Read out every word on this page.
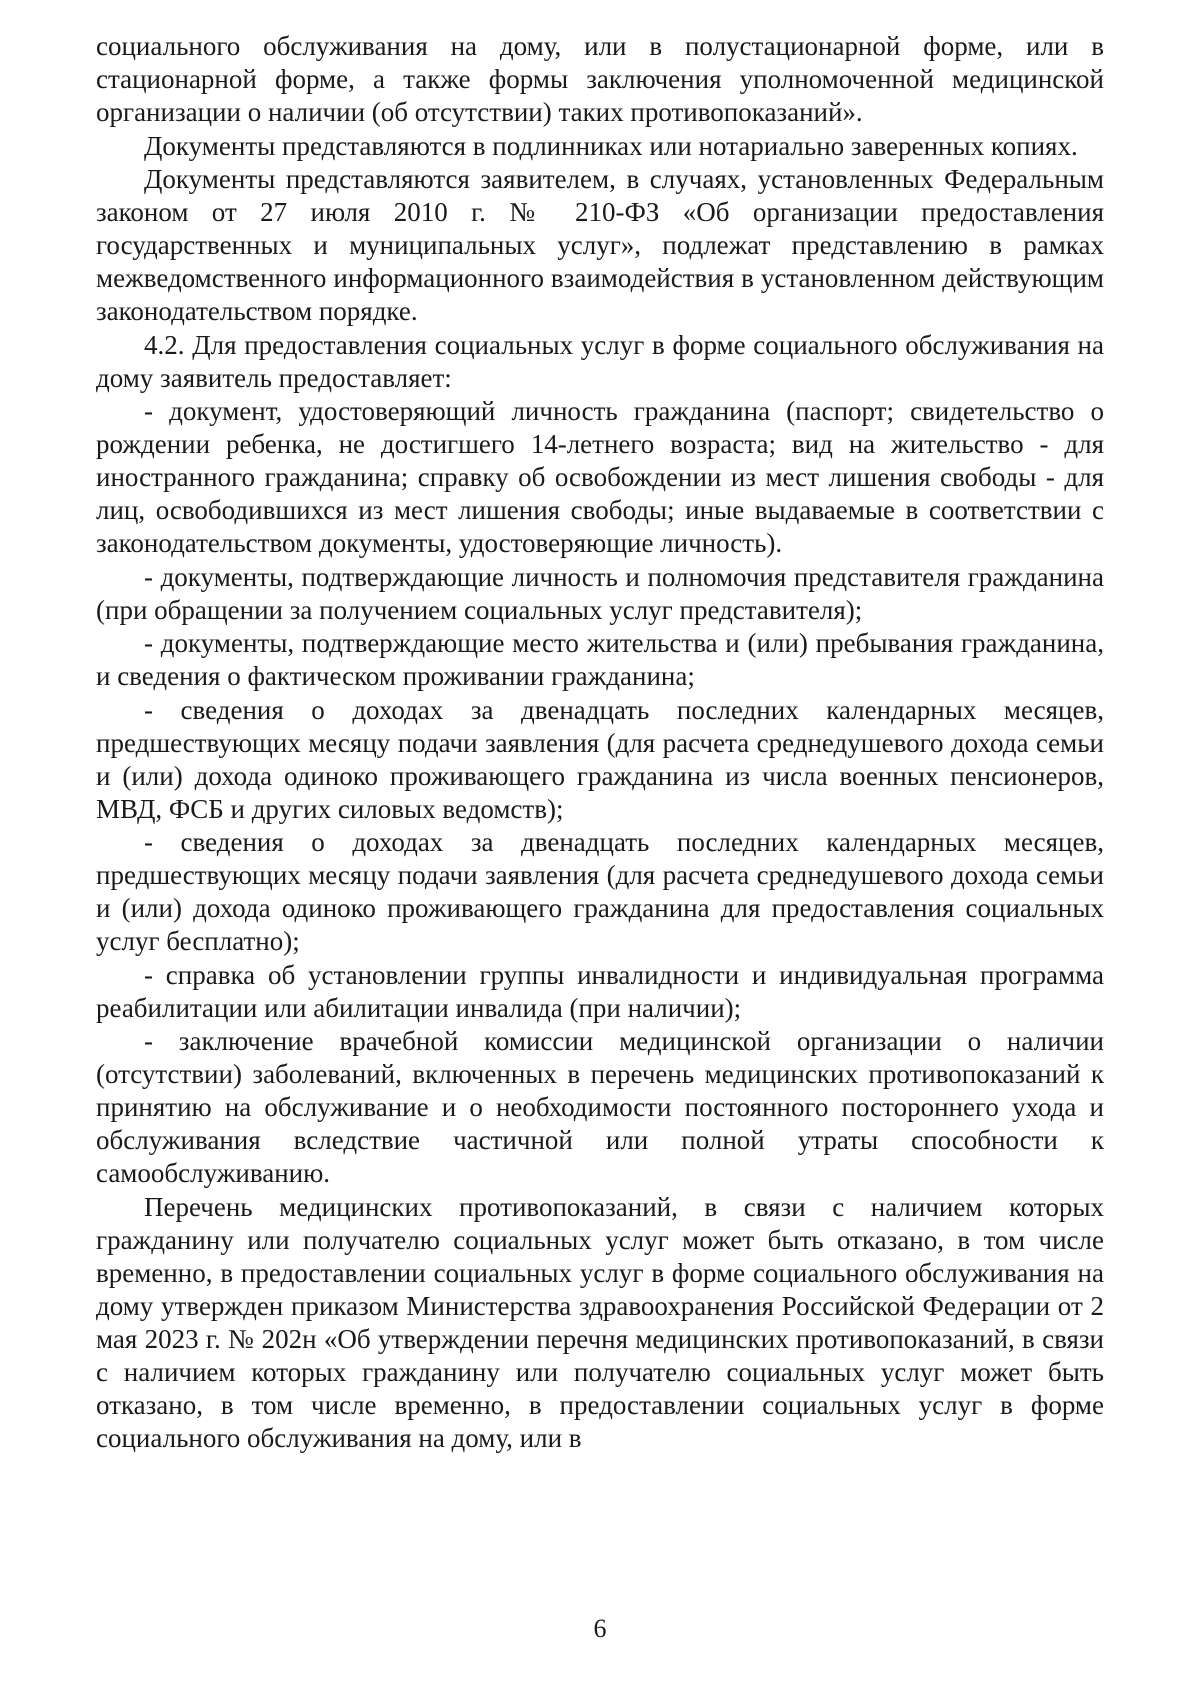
социального обслуживания на дому, или в полустационарной форме, или в стационарной форме, а также формы заключения уполномоченной медицинской организации о наличии (об отсутствии) таких противопоказаний».

Документы представляются в подлинниках или нотариально заверенных копиях.

Документы представляются заявителем, в случаях, установленных Федеральным законом от 27 июля 2010 г. № 210-ФЗ «Об организации предоставления государственных и муниципальных услуг», подлежат представлению в рамках межведомственного информационного взаимодействия в установленном действующим законодательством порядке.

4.2. Для предоставления социальных услуг в форме социального обслуживания на дому заявитель предоставляет:

- документ, удостоверяющий личность гражданина (паспорт; свидетельство о рождении ребенка, не достигшего 14-летнего возраста; вид на жительство - для иностранного гражданина; справку об освобождении из мест лишения свободы - для лиц, освободившихся из мест лишения свободы; иные выдаваемые в соответствии с законодательством документы, удостоверяющие личность).

- документы, подтверждающие личность и полномочия представителя гражданина (при обращении за получением социальных услуг представителя);

- документы, подтверждающие место жительства и (или) пребывания гражданина, и сведения о фактическом проживании гражданина;

- сведения о доходах за двенадцать последних календарных месяцев, предшествующих месяцу подачи заявления (для расчета среднедушевого дохода семьи и (или) дохода одиноко проживающего гражданина из числа военных пенсионеров, МВД, ФСБ и других силовых ведомств);

- сведения о доходах за двенадцать последних календарных месяцев, предшествующих месяцу подачи заявления (для расчета среднедушевого дохода семьи и (или) дохода одиноко проживающего гражданина для предоставления социальных услуг бесплатно);

- справка об установлении группы инвалидности и индивидуальная программа реабилитации или абилитации инвалида (при наличии);

- заключение врачебной комиссии медицинской организации о наличии (отсутствии) заболеваний, включенных в перечень медицинских противопоказаний к принятию на обслуживание и о необходимости постоянного постороннего ухода и обслуживания вследствие частичной или полной утраты способности к самообслуживанию.

Перечень медицинских противопоказаний, в связи с наличием которых гражданину или получателю социальных услуг может быть отказано, в том числе временно, в предоставлении социальных услуг в форме социального обслуживания на дому утвержден приказом Министерства здравоохранения Российской Федерации от 2 мая 2023 г. № 202н «Об утверждении перечня медицинских противопоказаний, в связи с наличием которых гражданину или получателю социальных услуг может быть отказано, в том числе временно, в предоставлении социальных услуг в форме социального обслуживания на дому, или в

6
